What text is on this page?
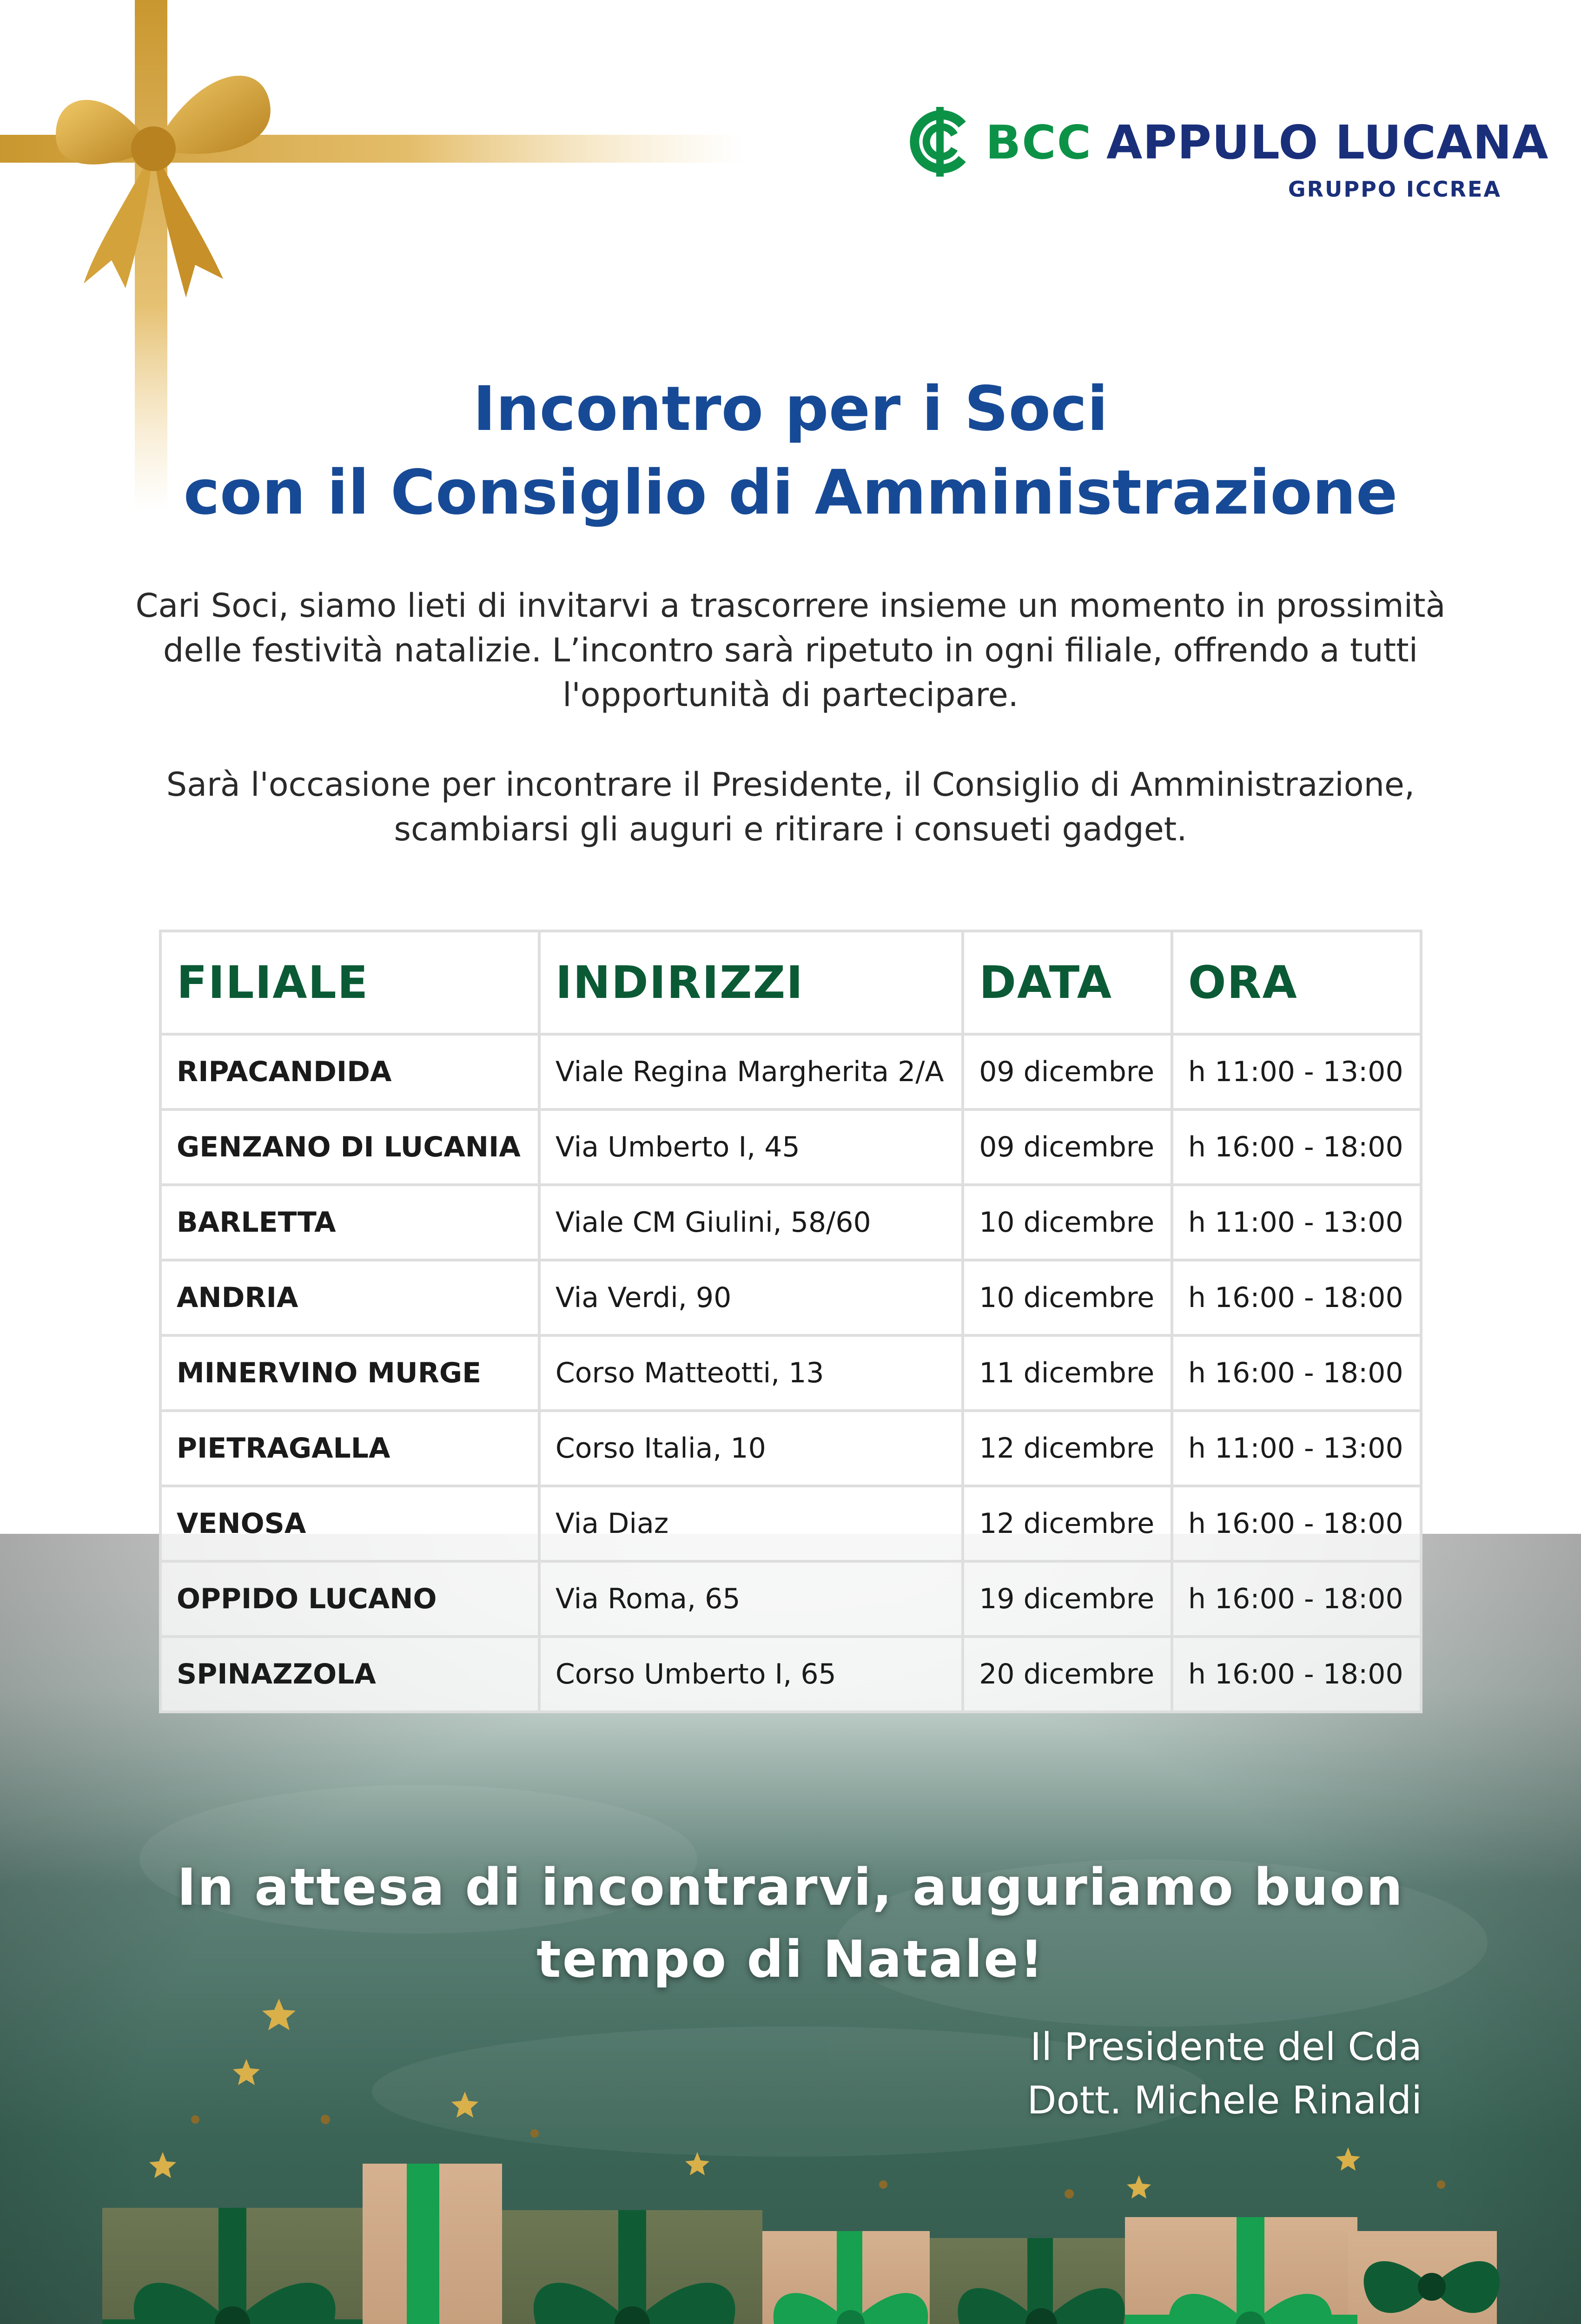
BCC APPULO LUCANA
GRUPPO ICCREA
Incontro per i Soci
con il Consiglio di Amministrazione
Cari Soci, siamo lieti di invitarvi a trascorrere insieme un momento in prossimità delle festività natalizie. L’incontro sarà ripetuto in ogni filiale, offrendo a tutti l'opportunità di partecipare.
Sarà l'occasione per incontrare il Presidente, il Consiglio di Amministrazione, scambiarsi gli auguri e ritirare i consueti gadget.
FILIALE	INDIRIZZI	DATA	ORA
RIPACANDIDA	Viale Regina Margherita 2/A	09 dicembre	h 11:00 - 13:00
GENZANO DI LUCANIA	Via Umberto I, 45	09 dicembre	h 16:00 - 18:00
BARLETTA	Viale CM Giulini, 58/60	10 dicembre	h 11:00 - 13:00
ANDRIA	Via Verdi, 90	10 dicembre	h 16:00 - 18:00
MINERVINO MURGE	Corso Matteotti, 13	11 dicembre	h 16:00 - 18:00
PIETRAGALLA	Corso Italia, 10	12 dicembre	h 11:00 - 13:00
VENOSA	Via Diaz	12 dicembre	h 16:00 - 18:00
OPPIDO LUCANO	Via Roma, 65	19 dicembre	h 16:00 - 18:00
SPINAZZOLA	Corso Umberto I, 65	20 dicembre	h 16:00 - 18:00
In attesa di incontrarvi, auguriamo buon
tempo di Natale!
Il Presidente del Cda
Dott. Michele Rinaldi
